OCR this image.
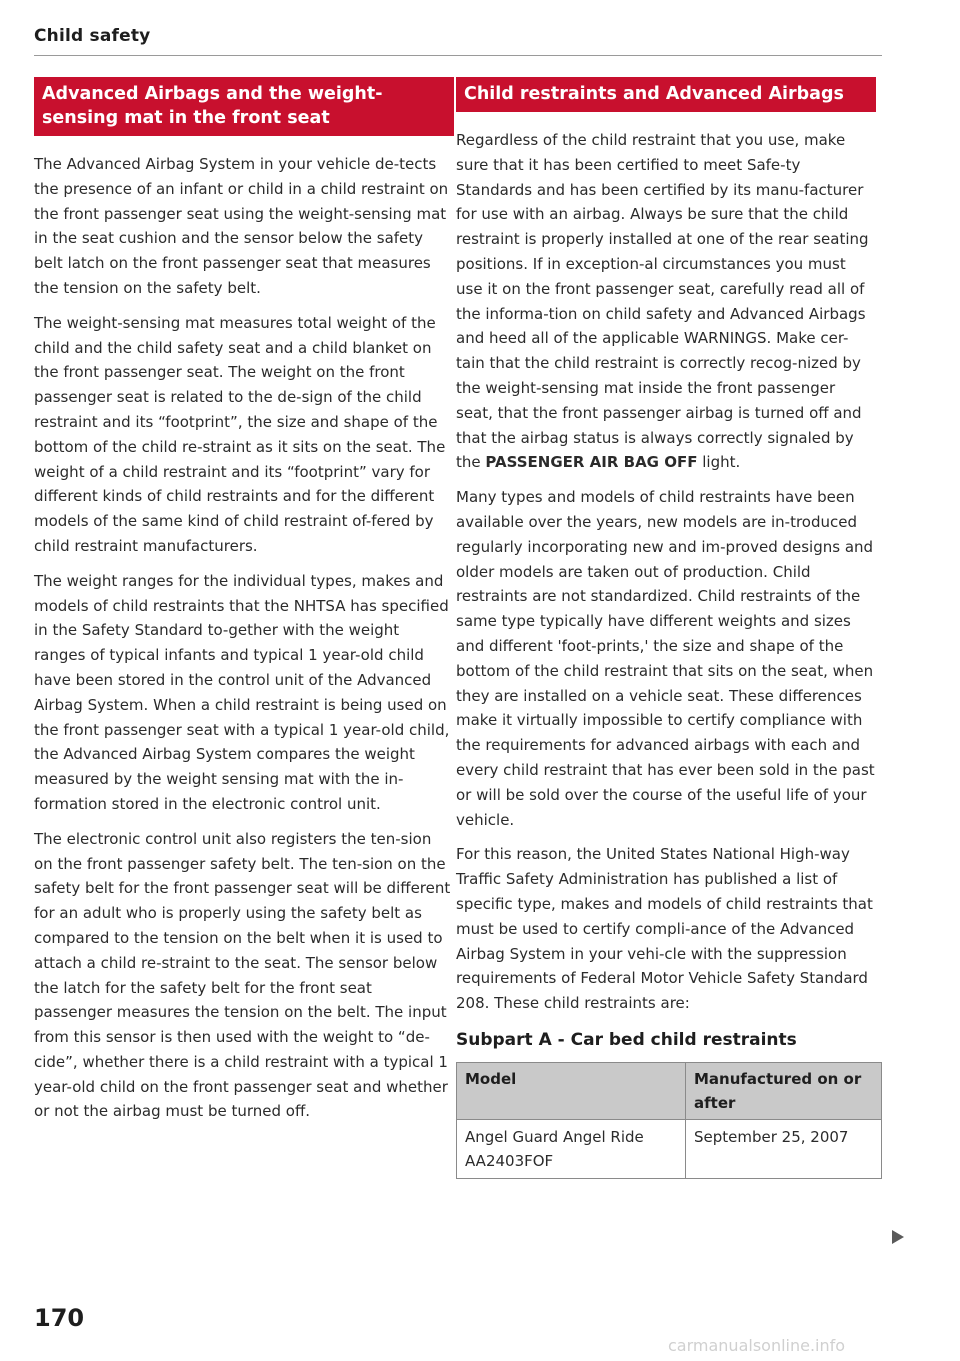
Child safety
Advanced Airbags and the weight-sensing mat in the front seat

The Advanced Airbag System in your vehicle de-tects the presence of an infant or child in a child restraint on the front passenger seat using the weight-sensing mat in the seat cushion and the sensor below the safety belt latch on the front passenger seat that measures the tension on the safety belt.

The weight-sensing mat measures total weight of the child and the child safety seat and a child blanket on the front passenger seat. The weight on the front passenger seat is related to the de-sign of the child restraint and its “footprint”, the size and shape of the bottom of the child re-straint as it sits on the seat. The weight of a child restraint and its “footprint” vary for different kinds of child restraints and for the different models of the same kind of child restraint of-fered by child restraint manufacturers.

The weight ranges for the individual types, makes and models of child restraints that the NHTSA has specified in the Safety Standard to-gether with the weight ranges of typical infants and typical 1 year-old child have been stored in the control unit of the Advanced Airbag System. When a child restraint is being used on the front passenger seat with a typical 1 year-old child, the Advanced Airbag System compares the weight measured by the weight sensing mat with the in-formation stored in the electronic control unit.

The electronic control unit also registers the ten-sion on the front passenger safety belt. The ten-sion on the safety belt for the front passenger seat will be different for an adult who is properly using the safety belt as compared to the tension on the belt when it is used to attach a child re-straint to the seat. The sensor below the latch for the safety belt for the front seat passenger measures the tension on the belt. The input from this sensor is then used with the weight to “de-cide”, whether there is a child restraint with a typical 1 year-old child on the front passenger seat and whether or not the airbag must be turned off.

Child restraints and Advanced Airbags

Regardless of the child restraint that you use, make sure that it has been certified to meet Safe-ty Standards and has been certified by its manu-facturer for use with an airbag. Always be sure that the child restraint is properly installed at one of the rear seating positions. If in exception-al circumstances you must use it on the front passenger seat, carefully read all of the informa-tion on child safety and Advanced Airbags and heed all of the applicable WARNINGS. Make cer-tain that the child restraint is correctly recog-nized by the weight-sensing mat inside the front passenger seat, that the front passenger airbag is turned off and that the airbag status is always correctly signaled by the PASSENGER AIR BAG OFF light.

Many types and models of child restraints have been available over the years, new models are in-troduced regularly incorporating new and im-proved designs and older models are taken out of production. Child restraints are not standardized. Child restraints of the same type typically have different weights and sizes and different 'foot-prints,' the size and shape of the bottom of the child restraint that sits on the seat, when they are installed on a vehicle seat. These differences make it virtually impossible to certify compliance with the requirements for advanced airbags with each and every child restraint that has ever been sold in the past or will be sold over the course of the useful life of your vehicle.

For this reason, the United States National High-way Traffic Safety Administration has published a list of specific type, makes and models of child restraints that must be used to certify compli-ance of the Advanced Airbag System in your vehi-cle with the suppression requirements of Federal Motor Vehicle Safety Standard 208. These child restraints are:

Subpart A - Car bed child restraints
Model	Manufactured on or after
Angel Guard Angel Ride AA2403FOF	September 25, 2007
170
carmanualsonline.info
